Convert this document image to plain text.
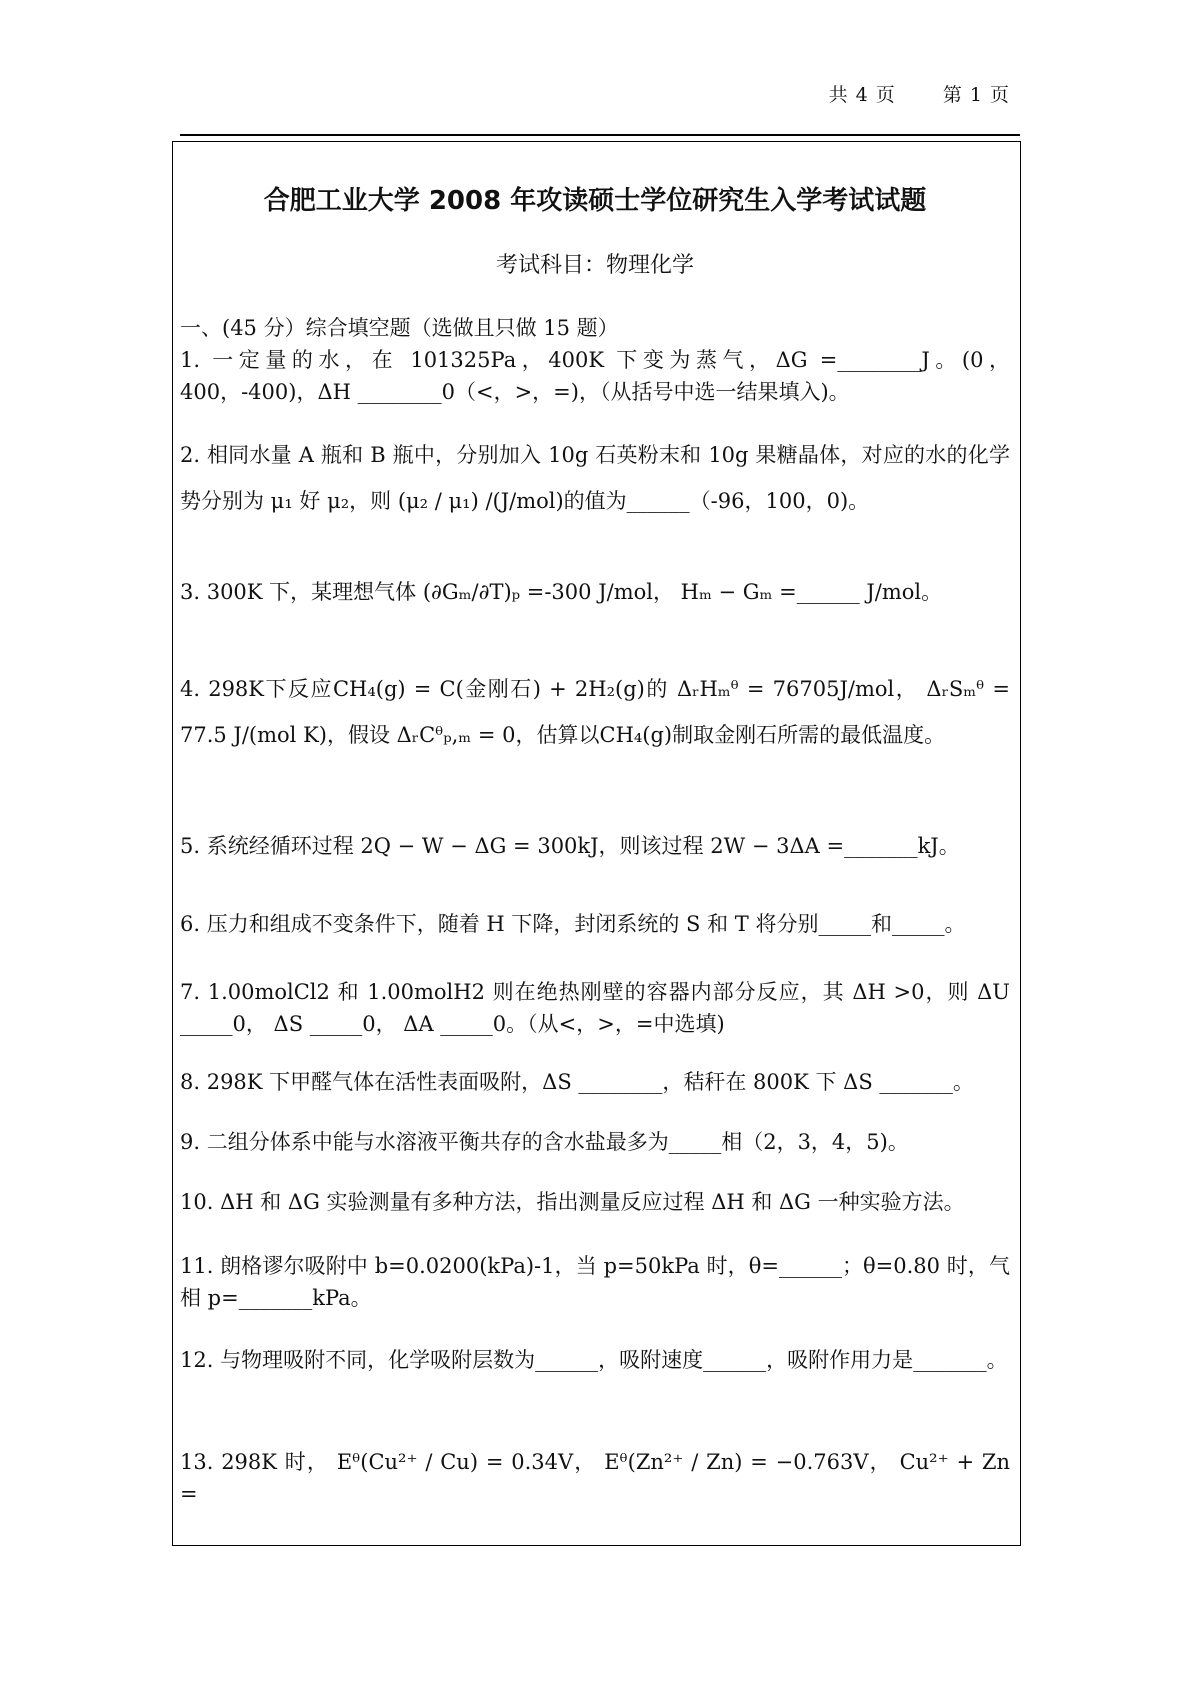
共 4 页 第 1 页
合肥工业大学 2008 年攻读硕士学位研究生入学考试试题
考试科目：物理化学
一、(45 分）综合填空题（选做且只做 15 题）
1. 一定量的水，在 101325Pa，400K 下变为蒸气，ΔG =________J。(0，400，-400)，ΔH ________0（<，>，=)，（从括号中选一结果填入)。
2. 相同水量 A 瓶和 B 瓶中，分别加入 10g 石英粉末和 10g 果糖晶体，对应的水的化学势分别为 μ₁ 好 μ₂，则 (μ₂ / μ₁) /(J/mol)的值为______（-96，100，0)。
3. 300K 下，某理想气体 (∂Gₘ/∂T)ₚ =-300 J/mol， Hₘ − Gₘ =______ J/mol。
4. 298K下反应CH₄(g) = C(金刚石) + 2H₂(g)的 ΔᵣHₘᶿ = 76705J/mol， ΔᵣSₘᶿ = 77.5 J/(mol K)，假设 ΔᵣCᶿₚ,ₘ = 0，估算以CH₄(g)制取金刚石所需的最低温度。
5. 系统经循环过程 2Q − W − ΔG = 300kJ，则该过程 2W − 3ΔA =_______kJ。
6. 压力和组成不变条件下，随着 H 下降，封闭系统的 S 和 T 将分别_____和_____。
7. 1.00molCl2 和 1.00molH2 则在绝热刚壁的容器内部分反应，其 ΔH >0，则 ΔU _____0， ΔS _____0， ΔA _____0。（从<，>，=中选填)
8. 298K 下甲醛气体在活性表面吸附，ΔS ________，秸秆在 800K 下 ΔS _______。
9. 二组分体系中能与水溶液平衡共存的含水盐最多为_____相（2，3，4，5)。
10. ΔH 和 ΔG 实验测量有多种方法，指出测量反应过程 ΔH 和 ΔG 一种实验方法。
11. 朗格谬尔吸附中 b=0.0200(kPa)-1，当 p=50kPa 时，θ=______；θ=0.80 时，气相 p=_______kPa。
12. 与物理吸附不同，化学吸附层数为______，吸附速度______，吸附作用力是_______。
13. 298K 时， Eᶿ(Cu²⁺ / Cu) = 0.34V， Eᶿ(Zn²⁺ / Zn) = −0.763V， Cu²⁺ + Zn =
